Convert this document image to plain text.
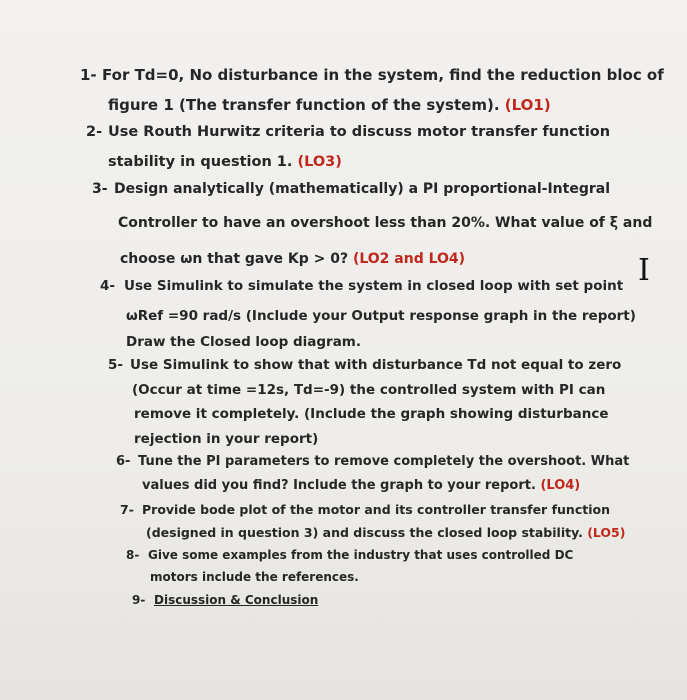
1- For Td=0, No disturbance in the system, find the reduction bloc of
figure 1 (The transfer function of the system). (LO1)
2- Use Routh Hurwitz criteria to discuss motor transfer function
stability in question 1. (LO3)
3- Design analytically (mathematically) a PI proportional-Integral
Controller to have an overshoot less than 20%. What value of ξ and
choose ωn that gave Kp > 0? (LO2 and LO4)
4- Use Simulink to simulate the system in closed loop with set point
ωRef =90 rad/s (Include your Output response graph in the report)
Draw the Closed loop diagram.
5- Use Simulink to show that with disturbance Td not equal to zero
(Occur at time =12s, Td=-9) the controlled system with PI can
remove it completely. (Include the graph showing disturbance
rejection in your report)
6- Tune the PI parameters to remove completely the overshoot. What
values did you find? Include the graph to your report. (LO4)
7- Provide bode plot of the motor and its controller transfer function
(designed in question 3) and discuss the closed loop stability. (LO5)
8- Give some examples from the industry that uses controlled DC
motors include the references.
9- Discussion & Conclusion
I
